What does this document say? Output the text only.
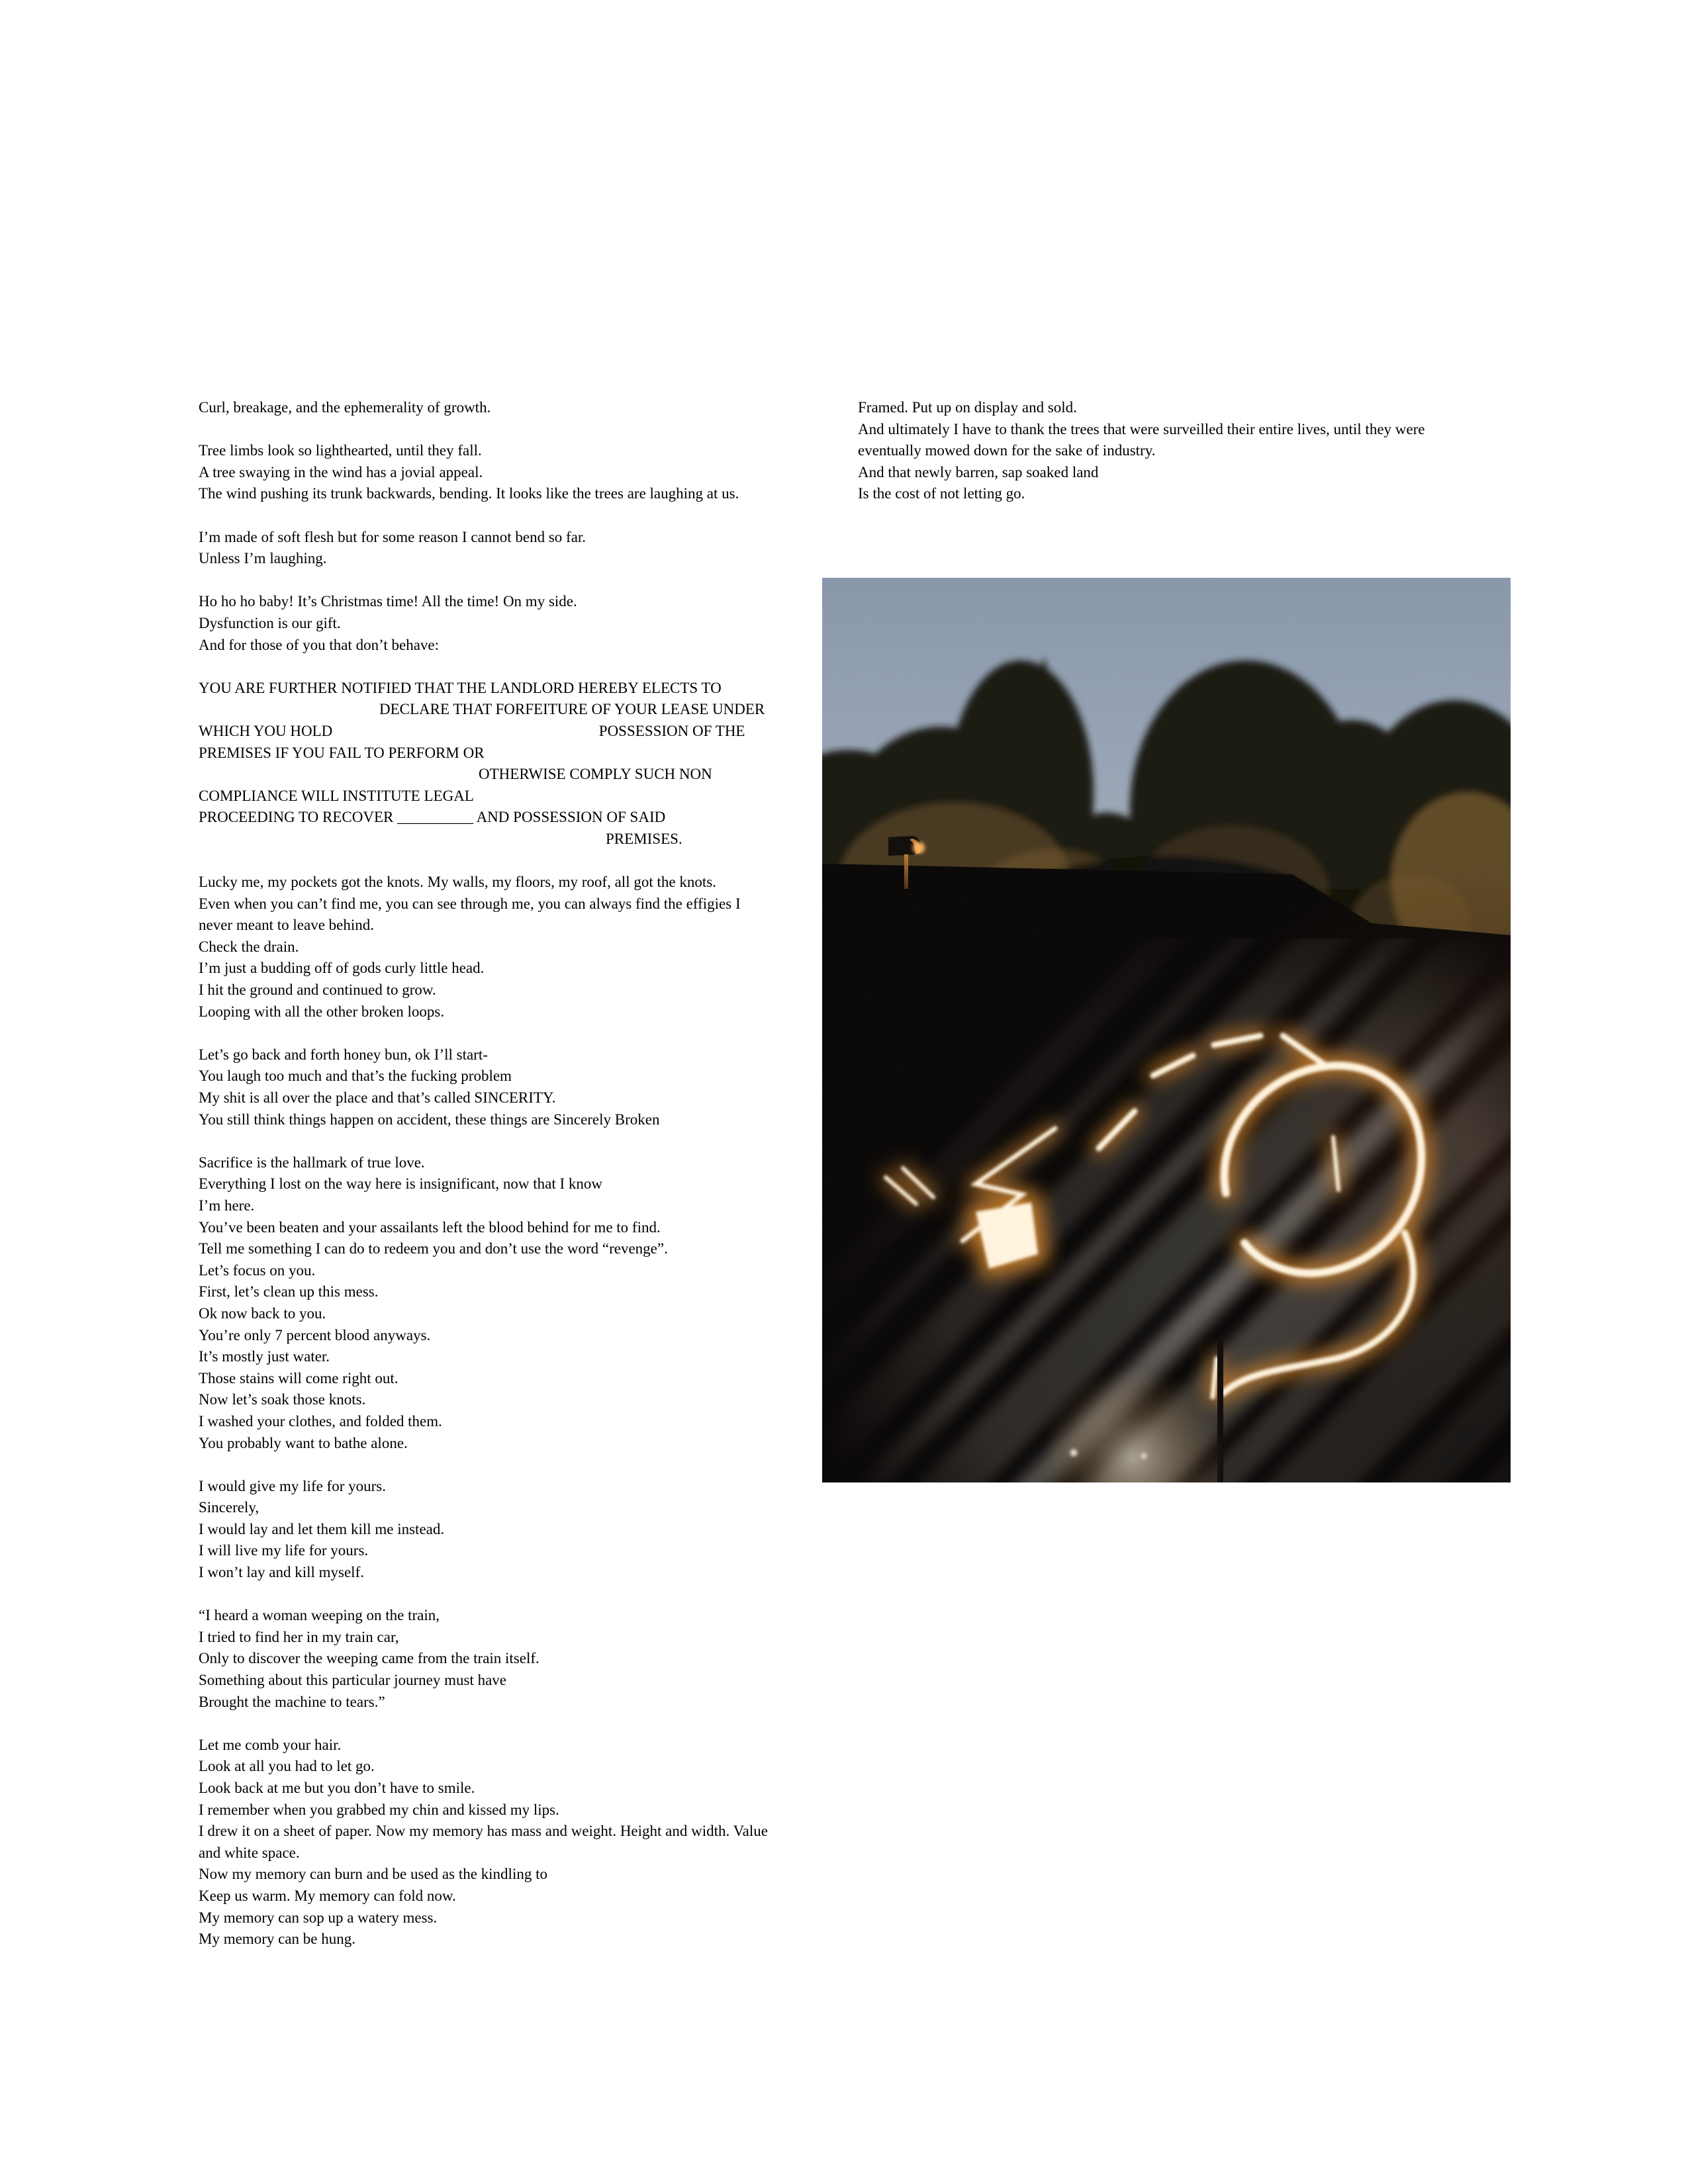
Curl, breakage, and the ephemerality of growth.

Tree limbs look so lighthearted, until they fall.
A tree swaying in the wind has a jovial appeal.
The wind pushing its trunk backwards, bending. It looks like the trees are laughing at us.

I’m made of soft flesh but for some reason I cannot bend so far.
Unless I’m laughing.

Ho ho ho baby! It’s Christmas time! All the time! On my side.
Dysfunction is our gift.
And for those of you that don’t behave:

YOU ARE FURTHER NOTIFIED THAT THE LANDLORD HEREBY ELECTS TO
DECLARE THAT FORFEITURE OF YOUR LEASE UNDER
WHICH YOU HOLD                                                                      POSSESSION OF THE
PREMISES IF YOU FAIL TO PERFORM OR
OTHERWISE COMPLY SUCH NON
COMPLIANCE WILL INSTITUTE LEGAL
PROCEEDING TO RECOVER __________ AND POSSESSION OF SAID
PREMISES.

Lucky me, my pockets got the knots. My walls, my floors, my roof, all got the knots.
Even when you can’t find me, you can see through me, you can always find the effigies I
never meant to leave behind.
Check the drain.
I’m just a budding off of gods curly little head.
I hit the ground and continued to grow.
Looping with all the other broken loops.

Let’s go back and forth honey bun, ok I’ll start-
You laugh too much and that’s the fucking problem
My shit is all over the place and that’s called SINCERITY.
You still think things happen on accident, these things are Sincerely Broken

Sacrifice is the hallmark of true love.
Everything I lost on the way here is insignificant, now that I know
I’m here.
You’ve been beaten and your assailants left the blood behind for me to find.
Tell me something I can do to redeem you and don’t use the word “revenge”.
Let’s focus on you.
First, let’s clean up this mess.
Ok now back to you.
You’re only 7 percent blood anyways.
It’s mostly just water.
Those stains will come right out.
Now let’s soak those knots.
I washed your clothes, and folded them.
You probably want to bathe alone.

I would give my life for yours.
Sincerely,
I would lay and let them kill me instead.
I will live my life for yours.
I won’t lay and kill myself.

“I heard a woman weeping on the train,
I tried to find her in my train car,
Only to discover the weeping came from the train itself.
Something about this particular journey must have
Brought the machine to tears.”

Let me comb your hair.
Look at all you had to let go.
Look back at me but you don’t have to smile.
I remember when you grabbed my chin and kissed my lips.
I drew it on a sheet of paper. Now my memory has mass and weight. Height and width. Value
and white space.
Now my memory can burn and be used as the kindling to
Keep us warm. My memory can fold now.
My memory can sop up a watery mess.
My memory can be hung.
Framed. Put up on display and sold.
And ultimately I have to thank the trees that were surveilled their entire lives, until they were
eventually mowed down for the sake of industry.
And that newly barren, sap soaked land
Is the cost of not letting go.
